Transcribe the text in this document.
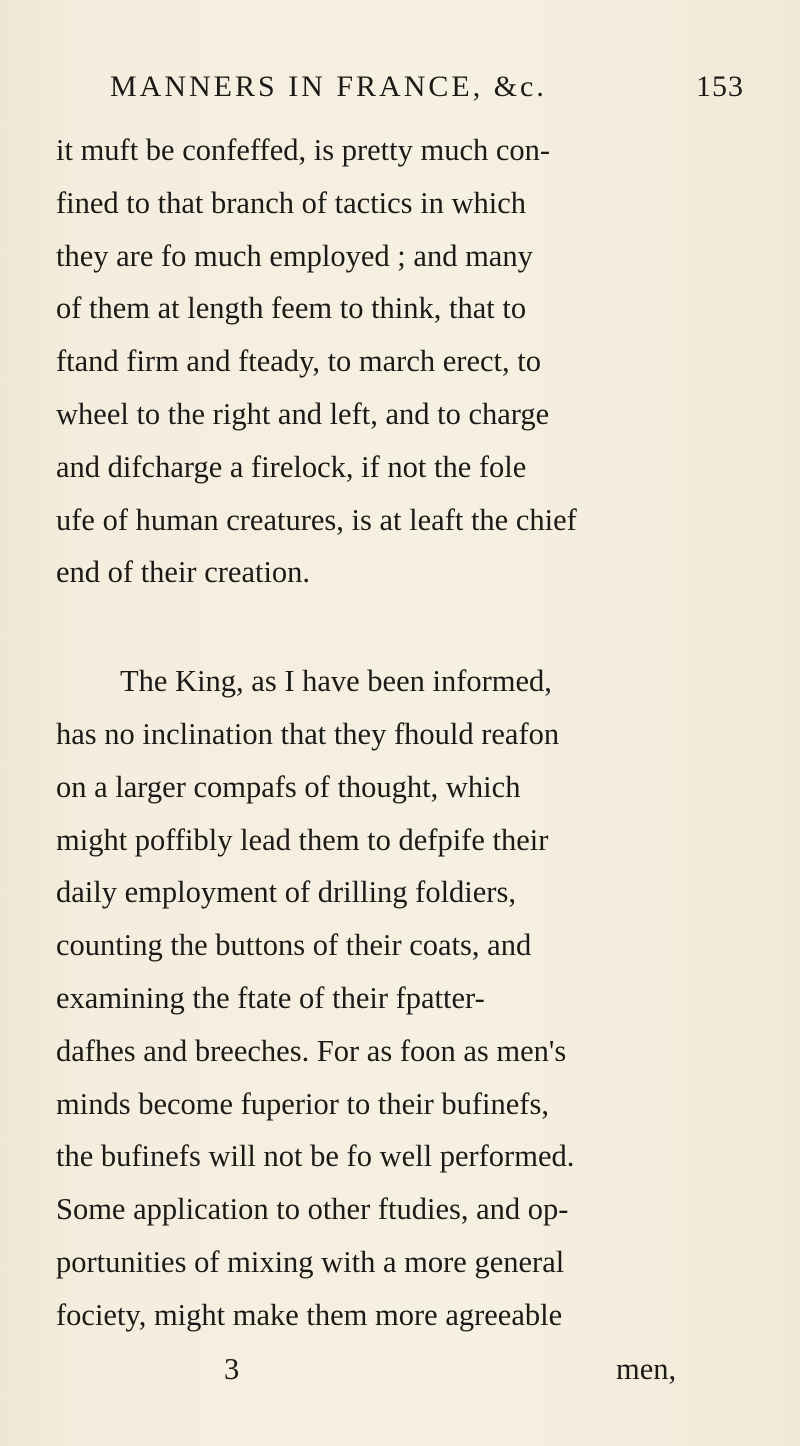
MANNERS IN FRANCE, &c.	153
it muft be confeffed, is pretty much con-
fined to that branch of tactics in which
they are fo much employed ; and many
of them at length feem to think, that to
ftand firm and fteady, to march erect, to
wheel to the right and left, and to charge
and difcharge a firelock, if not the fole
ufe of human creatures, is at leaft the chief
end of their creation.
The King, as I have been informed,
has no inclination that they fhould reafon
on a larger compafs of thought, which
might poffibly lead them to defpife their
daily employment of drilling foldiers,
counting the buttons of their coats, and
examining the ftate of their fpatter-
dafhes and breeches. For as foon as men's
minds become fuperior to their bufinefs,
the bufinefs will not be fo well performed.
Some application to other ftudies, and op-
portunities of mixing with a more general
fociety, might make them more agreeable
3	men,
